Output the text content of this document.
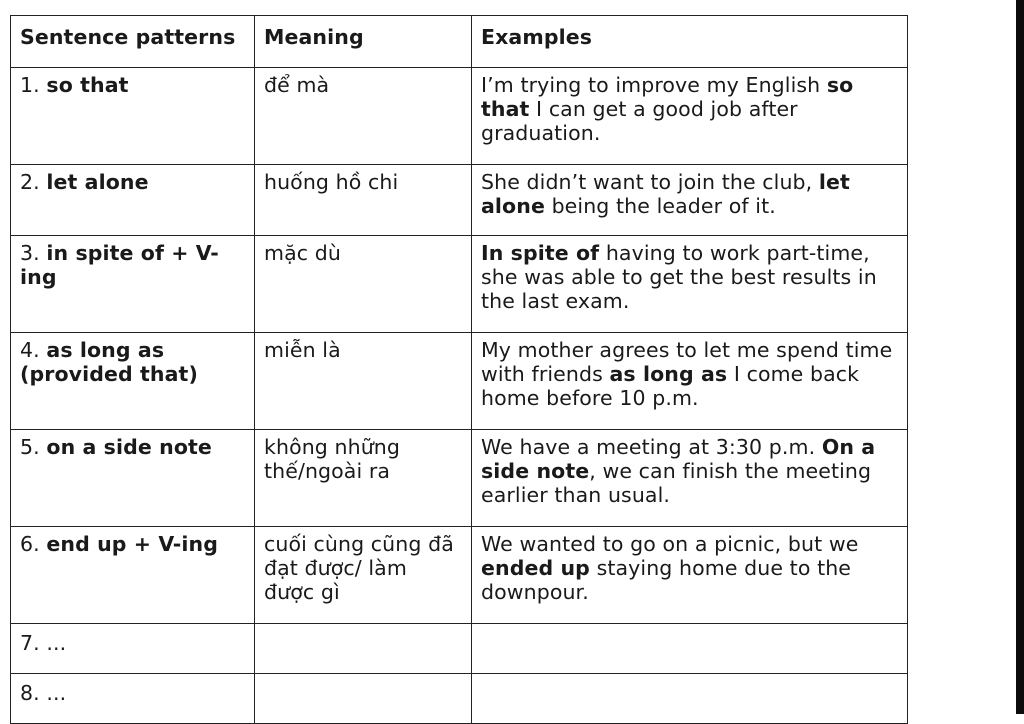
Sentence patterns	Meaning	Examples
1. so that	để mà	I’m trying to improve my English so that I can get a good job after graduation.
2. let alone	huống hồ chi	She didn’t want to join the club, let alone being the leader of it.
3. in spite of + V-ing	mặc dù	In spite of having to work part-time, she was able to get the best results in the last exam.
4. as long as (provided that)	miễn là	My mother agrees to let me spend time with friends as long as I come back home before 10 p.m.
5. on a side note	không những thế/ngoài ra	We have a meeting at 3:30 p.m. On a side note, we can finish the meeting earlier than usual.
6. end up + V-ing	cuối cùng cũng đã đạt được/ làm được gì	We wanted to go on a picnic, but we ended up staying home due to the downpour.
7. ...		
8. ...		
